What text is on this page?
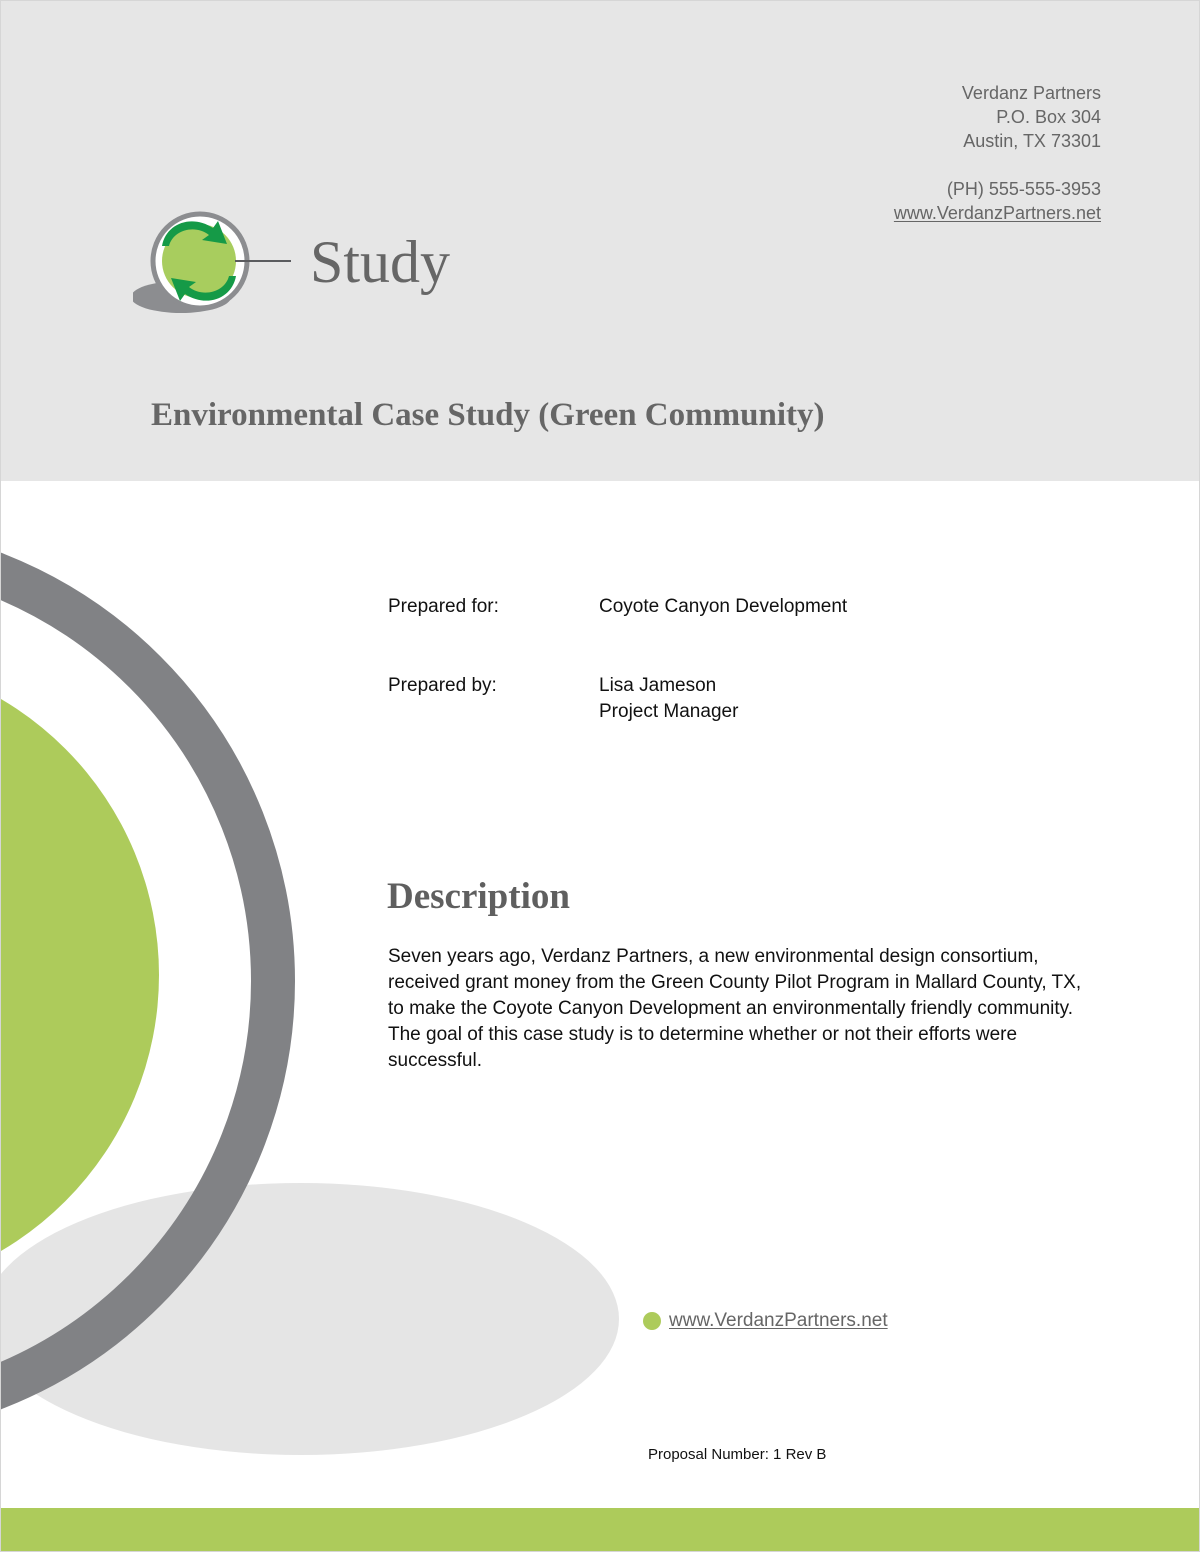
Verdanz Partners
P.O. Box 304
Austin, TX 73301
(PH) 555-555-3953
www.VerdanzPartners.net
Study
Environmental Case Study (Green Community)
Prepared for:	Coyote Canyon Development
Prepared by:	Lisa Jameson
Project Manager
Description

Seven years ago, Verdanz Partners, a new environmental design consortium, received grant money from the Green County Pilot Program in Mallard County, TX, to make the Coyote Canyon Development an environmentally friendly community. The goal of this case study is to determine whether or not their efforts were successful.

www.VerdanzPartners.net
Proposal Number: 1 Rev B
